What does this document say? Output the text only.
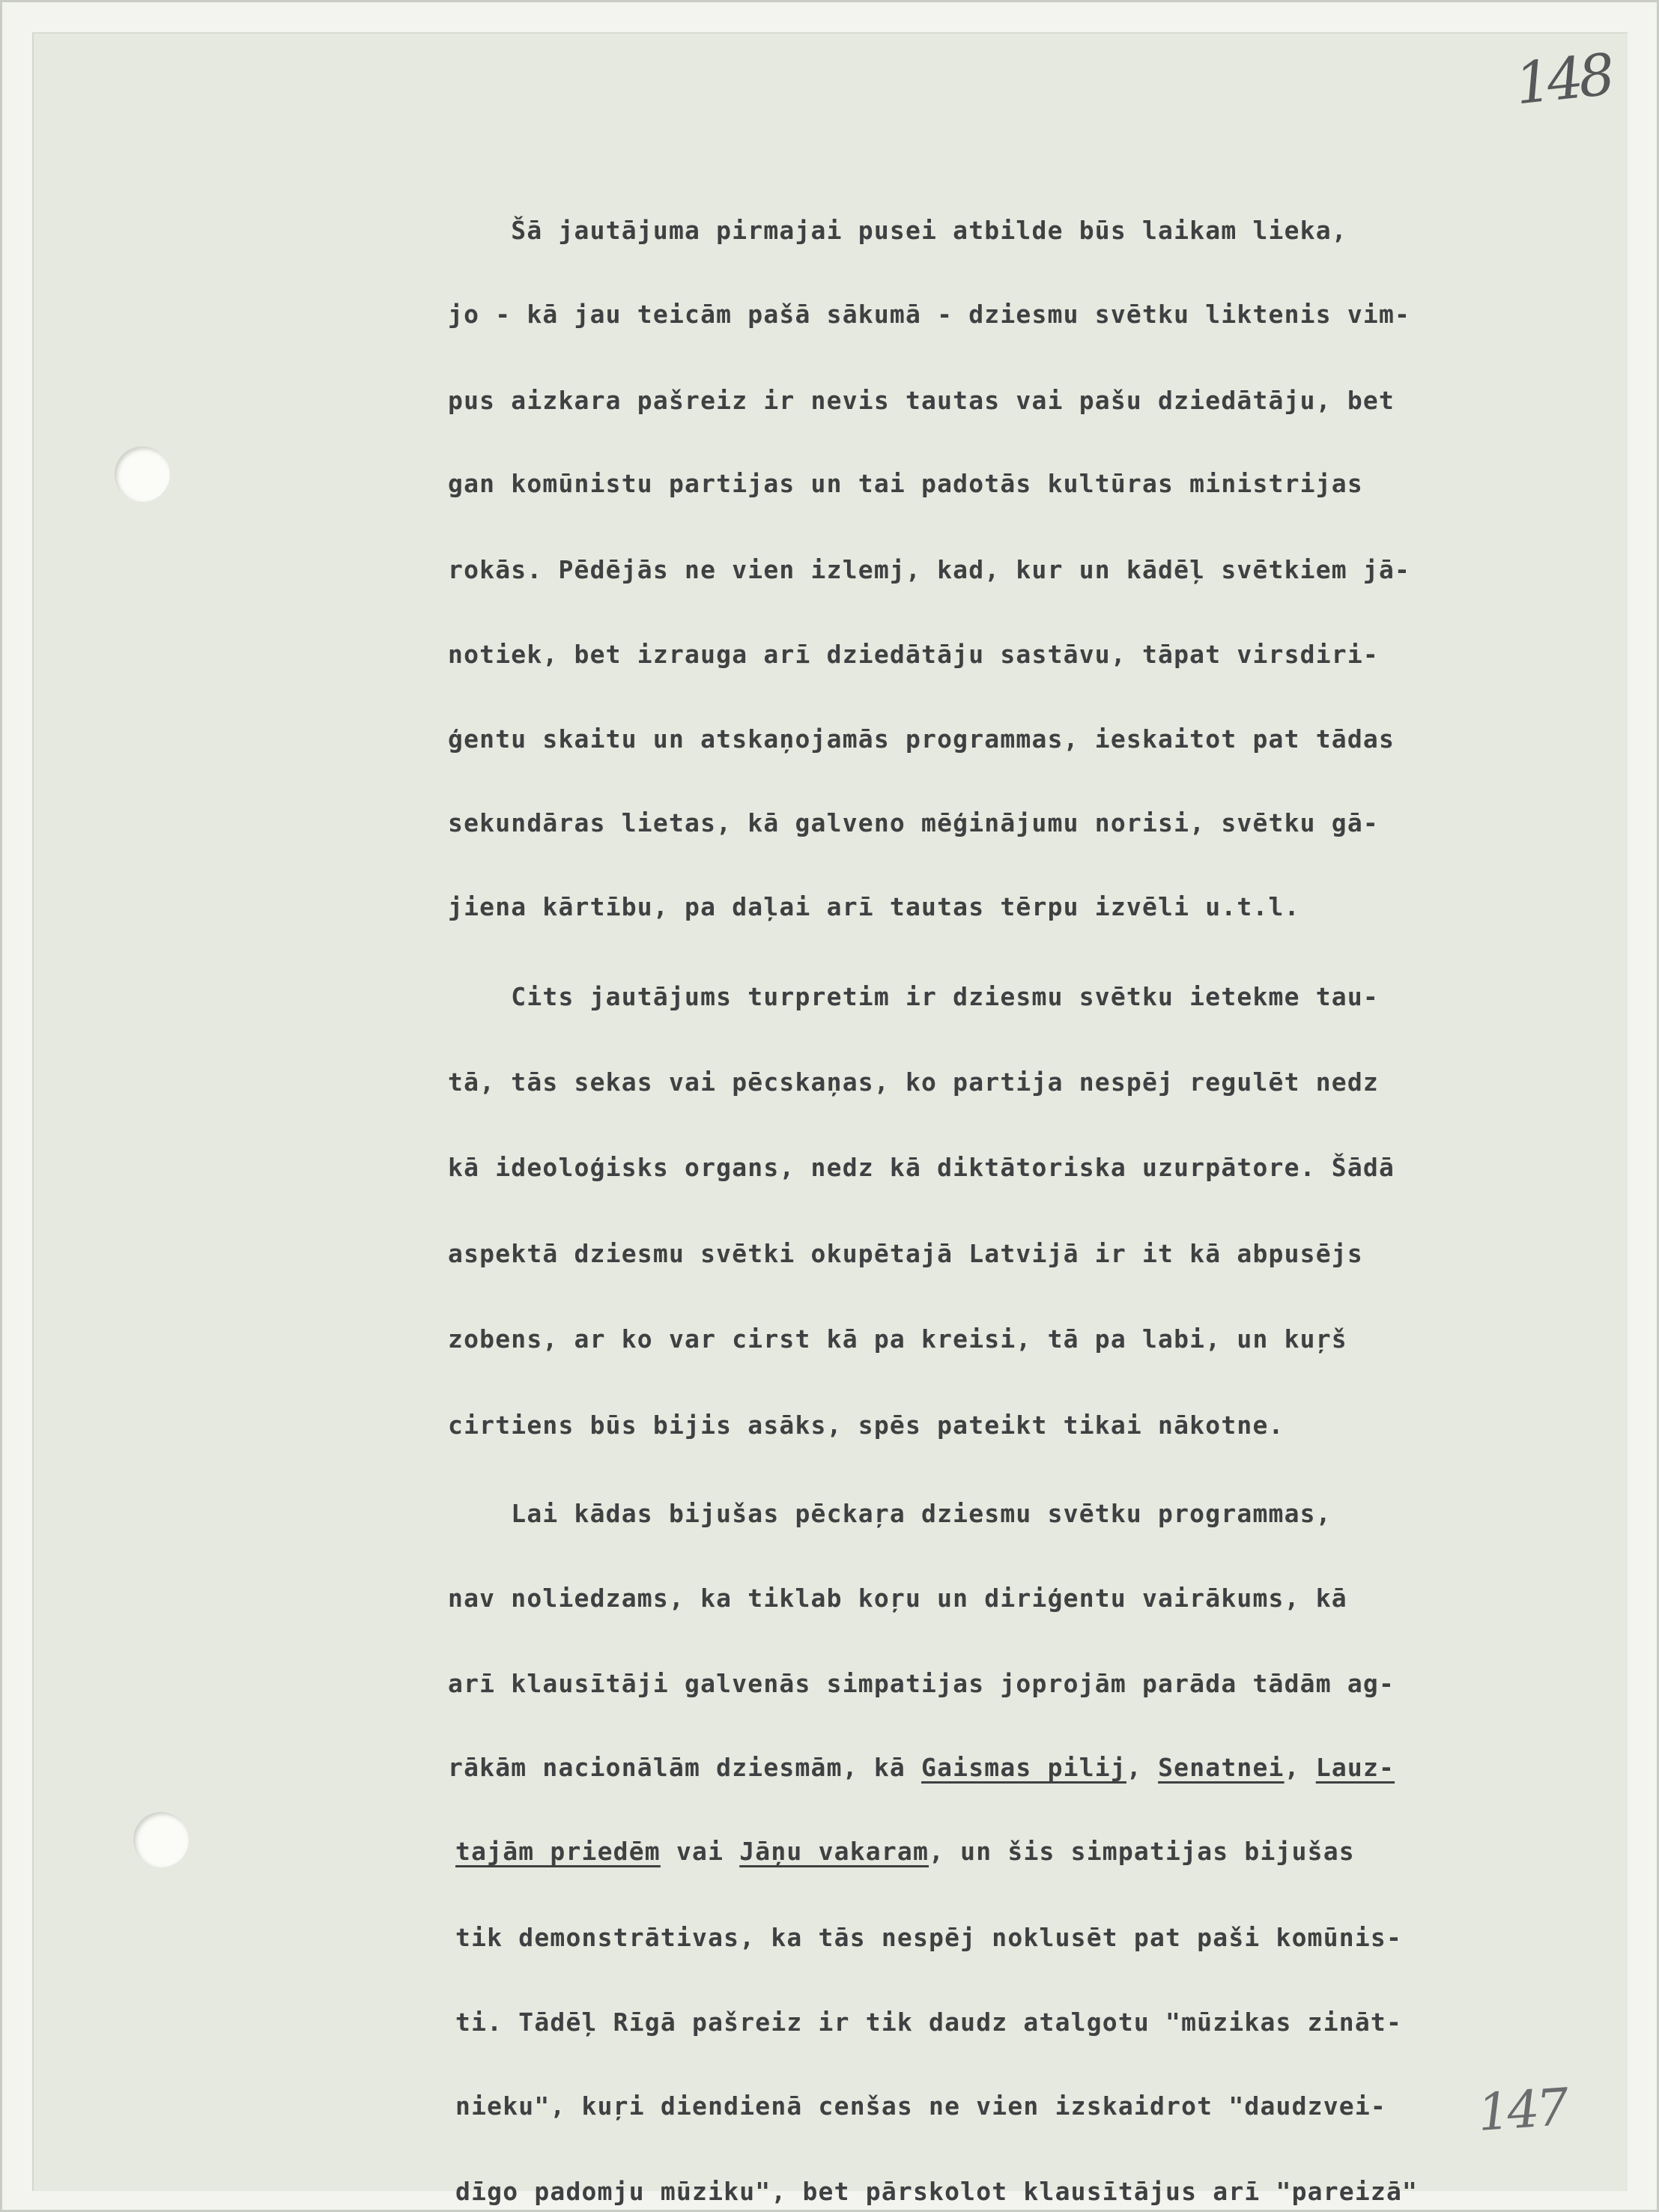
148
147
Šā jautājuma pirmajai pusei atbilde būs laikam lieka,
jo - kā jau teicām pašā sākumā - dziesmu svētku liktenis vim-
pus aizkara pašreiz ir nevis tautas vai pašu dziedātāju, bet
gan komūnistu partijas un tai padotās kultūras ministrijas
rokās. Pēdējās ne vien izlemj, kad, kur un kādēļ svētkiem jā-
notiek, bet izrauga arī dziedātāju sastāvu, tāpat virsdiri-
ģentu skaitu un atskaņojamās programmas, ieskaitot pat tādas
sekundāras lietas, kā galveno mēģinājumu norisi, svētku gā-
jiena kārtību, pa daļai arī tautas tērpu izvēli u.t.l.
Cits jautājums turpretim ir dziesmu svētku ietekme tau-
tā, tās sekas vai pēcskaņas, ko partija nespēj regulēt nedz
kā ideoloģisks organs, nedz kā diktātoriska uzurpātore. Šādā
aspektā dziesmu svētki okupētajā Latvijā ir it kā abpusējs
zobens, ar ko var cirst kā pa kreisi, tā pa labi, un kuŗš
cirtiens būs bijis asāks, spēs pateikt tikai nākotne.
Lai kādas bijušas pēckaŗa dziesmu svētku programmas,
nav noliedzams, ka tiklab koŗu un diriģentu vairākums, kā
arī klausītāji galvenās simpatijas joprojām parāda tādām ag-
rākām nacionālām dziesmām, kā Gaismas pilij, Senatnei, Lauz-
tajām priedēm vai Jāņu vakaram, un šis simpatijas bijušas
tik demonstrātivas, ka tās nespēj noklusēt pat paši komūnis-
ti. Tādēļ Rīgā pašreiz ir tik daudz atalgotu "mūzikas zināt-
nieku", kuŗi diendienā cenšas ne vien izskaidrot "daudzvei-
dīgo padomju mūziku", bet pārskolot klausītājus arī "pareizā"
